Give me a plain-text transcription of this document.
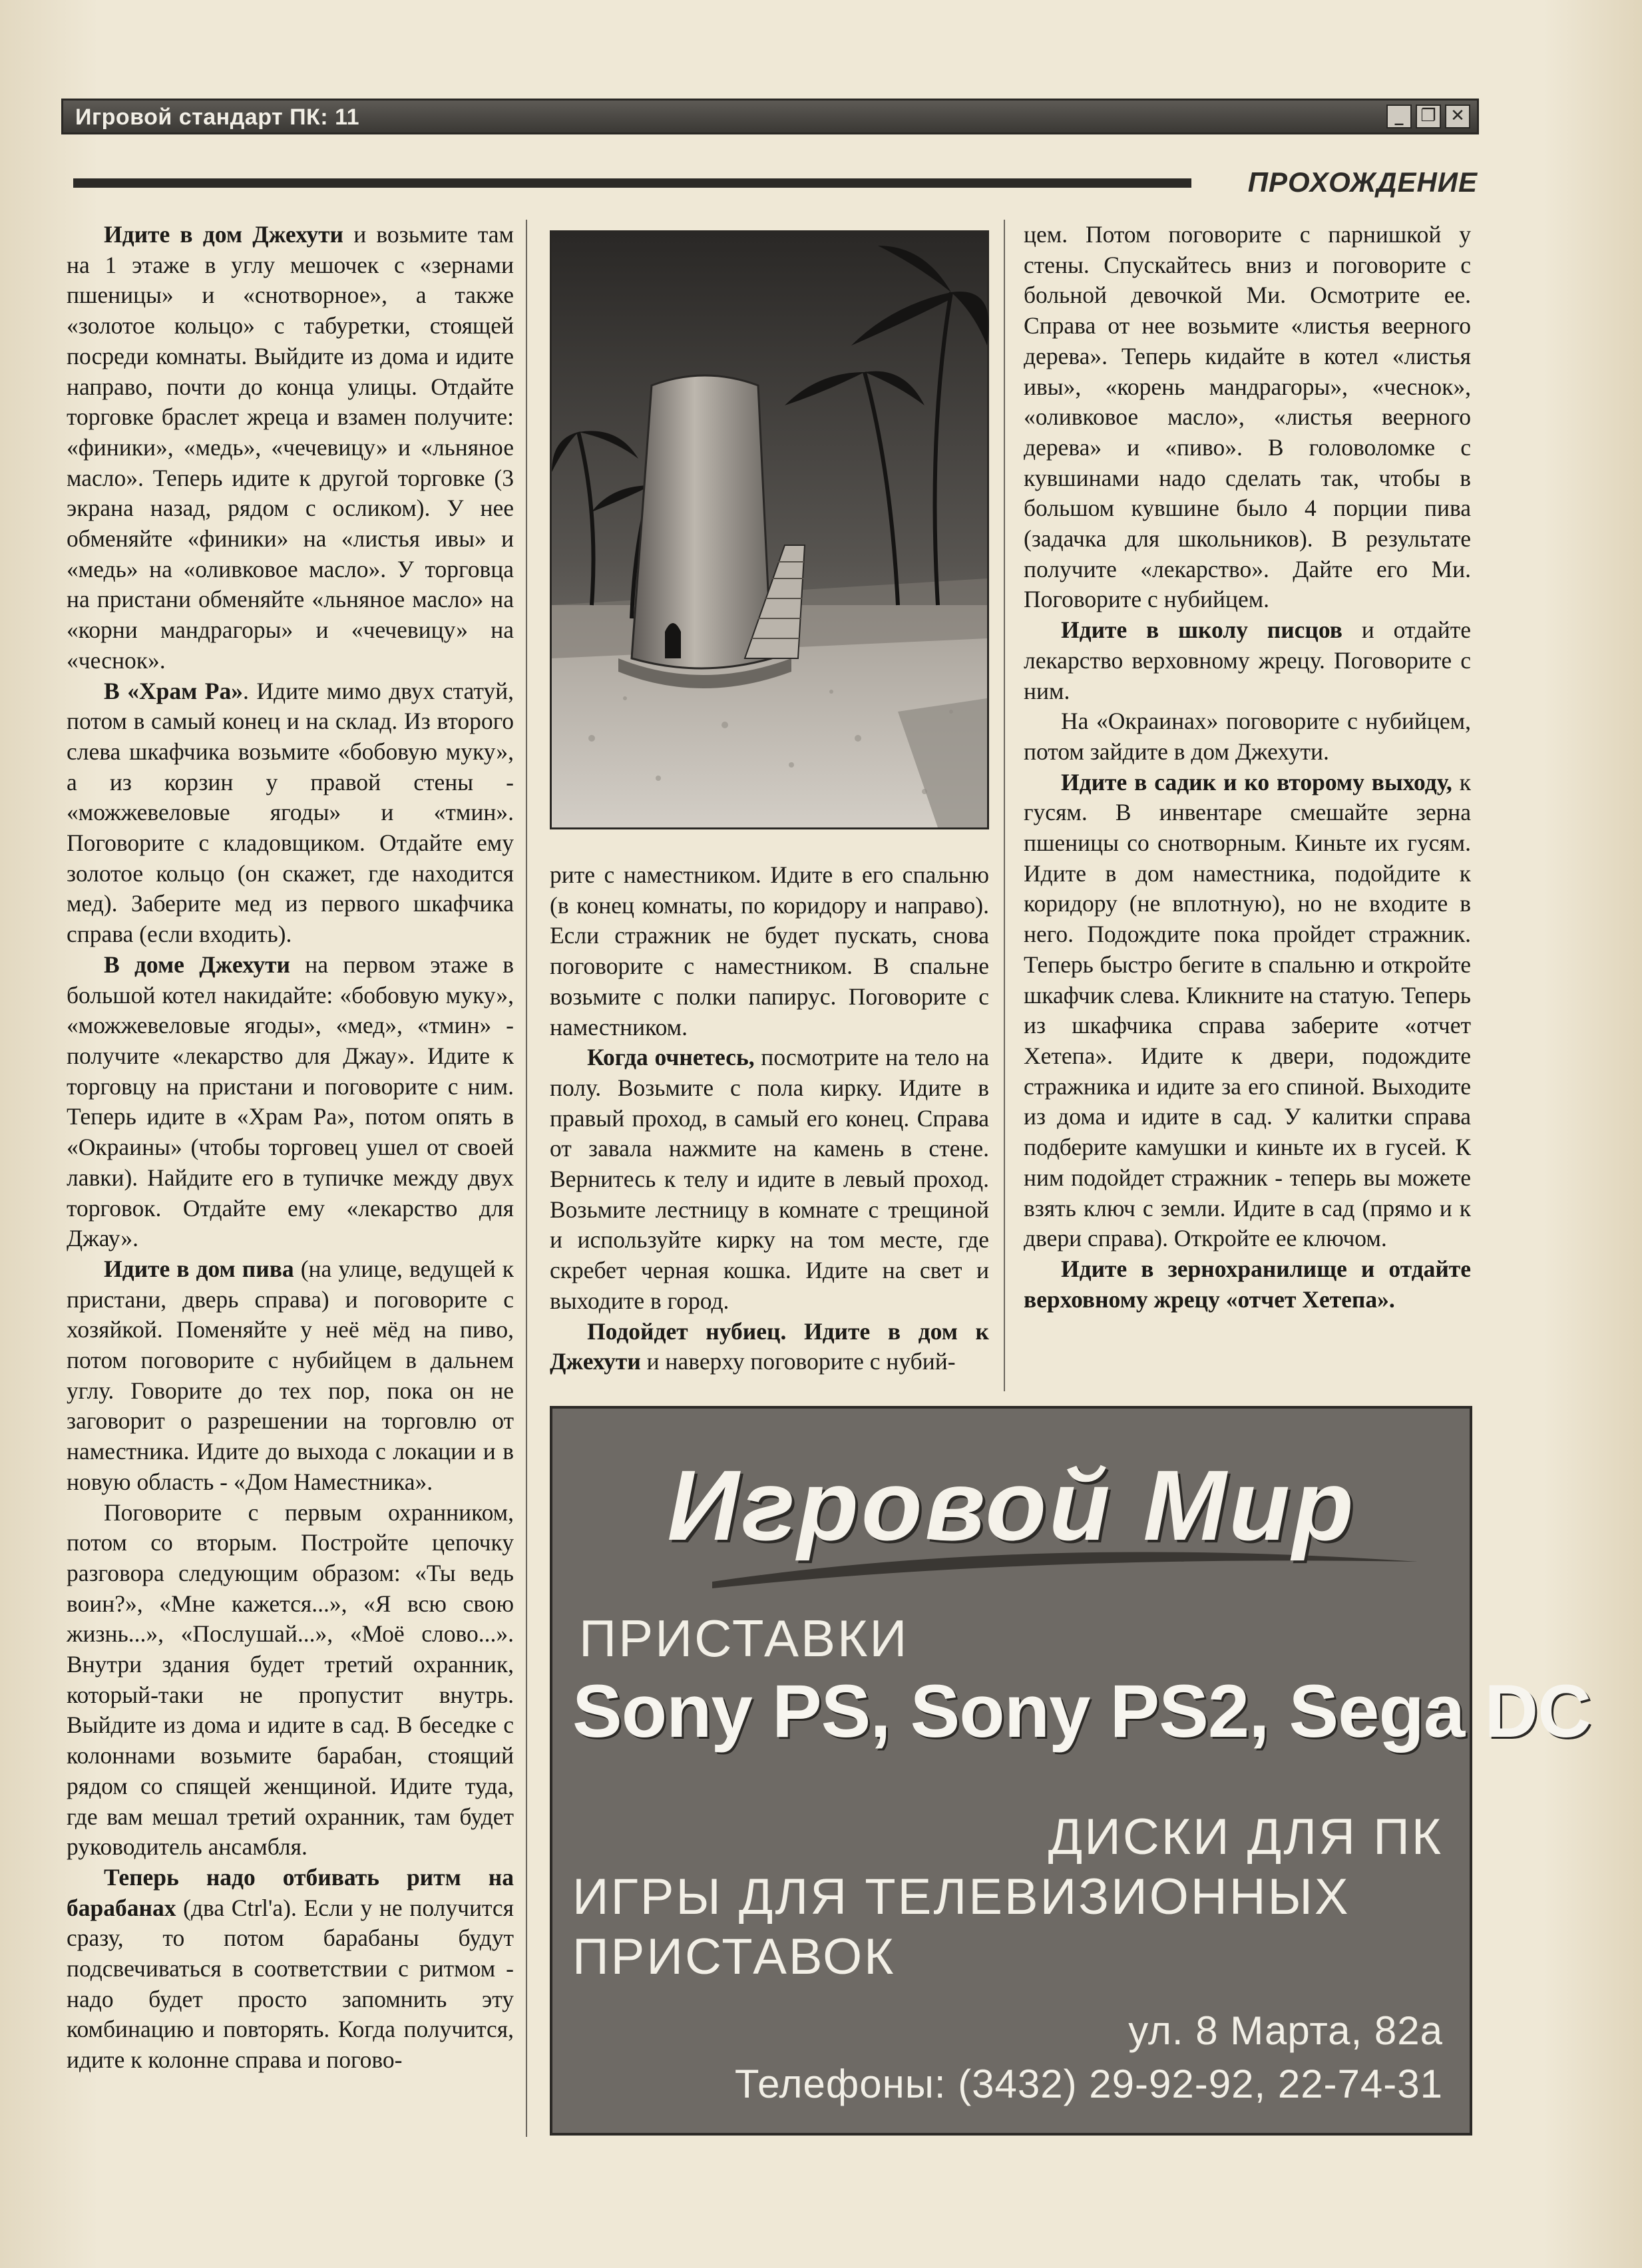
Игровой стандарт ПК: 11	_ ❐ ✕
ПРОХОЖДЕНИЕ

Идите в дом Джехути и возьмите там на 1 этаже в углу мешочек с «зернами пшеницы» и «снотворное», а также «золотое кольцо» с табуретки, стоящей посреди комнаты. Выйдите из дома и идите направо, почти до конца улицы. Отдайте торговке браслет жреца и взамен получите: «финики», «медь», «чечевицу» и «льняное масло». Теперь идите к другой торговке (3 экрана назад, рядом с осликом). У нее обменяйте «финики» на «листья ивы» и «медь» на «оливковое масло». У торговца на пристани обменяйте «льняное масло» на «корни мандрагоры» и «чечевицу» на «чеснок».

В «Храм Ра». Идите мимо двух статуй, потом в самый конец и на склад. Из второго слева шкафчика возьмите «бобовую муку», а из корзин у правой стены - «можжевеловые ягоды» и «тмин». Поговорите с кладовщиком. Отдайте ему золотое кольцо (он скажет, где находится мед). Заберите мед из первого шкафчика справа (если входить).

В доме Джехути на первом этаже в большой котел накидайте: «бобовую муку», «можжевеловые ягоды», «мед», «тмин» - получите «лекарство для Джау». Идите к торговцу на пристани и поговорите с ним. Теперь идите в «Храм Ра», потом опять в «Окраины» (чтобы торговец ушел от своей лавки). Найдите его в тупичке между двух торговок. Отдайте ему «лекарство для Джау».

Идите в дом пива (на улице, ведущей к пристани, дверь справа) и поговорите с хозяйкой. Поменяйте у неё мёд на пиво, потом поговорите с нубийцем в дальнем углу. Говорите до тех пор, пока он не заговорит о разрешении на торговлю от наместника. Идите до выхода с локации и в новую область - «Дом Наместника».

Поговорите с первым охранником, потом со вторым. Постройте цепочку разговора следующим образом: «Ты ведь воин?», «Мне кажется...», «Я всю свою жизнь...», «Послушай...», «Моё слово...». Внутри здания будет третий охранник, который-таки не пропустит внутрь. Выйдите из дома и идите в сад. В беседке с колоннами возьмите барабан, стоящий рядом со спящей женщиной. Идите туда, где вам мешал третий охранник, там будет руководитель ансамбля.

Теперь надо отбивать ритм на барабанах (два Ctrl'а). Если у не получится сразу, то потом барабаны будут подсвечиваться в соответствии с ритмом - надо будет просто запомнить эту комбинацию и повторять. Когда получится, идите к колонне справа и погово-

рите с наместником. Идите в его спальню (в конец комнаты, по коридору и направо). Если стражник не будет пускать, снова поговорите с наместником. В спальне возьмите с полки папирус. Поговорите с наместником.

Когда очнетесь, посмотрите на тело на полу. Возьмите с пола кирку. Идите в правый проход, в самый его конец. Справа от завала нажмите на камень в стене. Вернитесь к телу и идите в левый проход. Возьмите лестницу в комнате с трещиной и используйте кирку на том месте, где скребет черная кошка. Идите на свет и выходите в город.

Подойдет нубиец. Идите в дом к Джехути и наверху поговорите с нубий-

цем. Потом поговорите с парнишкой у стены. Спускайтесь вниз и поговорите с больной девочкой Ми. Осмотрите ее. Справа от нее возьмите «листья веерного дерева». Теперь кидайте в котел «листья ивы», «корень мандрагоры», «чеснок», «оливковое масло», «листья веерного дерева» и «пиво». В головоломке с кувшинами надо сделать так, чтобы в большом кувшине было 4 порции пива (задачка для школьников). В результате получите «лекарство». Дайте его Ми. Поговорите с нубийцем.

Идите в школу писцов и отдайте лекарство верховному жрецу. Поговорите с ним.

На «Окраинах» поговорите с нубийцем, потом зайдите в дом Джехути.

Идите в садик и ко второму выходу, к гусям. В инвентаре смешайте зерна пшеницы со снотворным. Киньте их гусям. Идите в дом наместника, подойдите к коридору (не вплотную), но не входите в него. Подождите пока пройдет стражник. Теперь быстро бегите в спальню и откройте шкафчик слева. Кликните на статую. Теперь из шкафчика справа заберите «отчет Хетепа». Идите к двери, подождите стражника и идите за его спиной. Выходите из дома и идите в сад. У калитки справа подберите камушки и киньте их в гусей. К ним подойдет стражник - теперь вы можете взять ключ с земли. Идите в сад (прямо и к двери справа). Откройте ее ключом.

Идите в зернохранилище и отдайте верховному жрецу «отчет Хетепа».

Игровой Мир
ПРИСТАВКИ
Sony PS, Sony PS2, Sega DC
ДИСКИ ДЛЯ ПК
ИГРЫ ДЛЯ ТЕЛЕВИЗИОННЫХ
ПРИСТАВОК
ул. 8 Марта, 82а
Телефоны: (3432) 29-92-92, 22-74-31
